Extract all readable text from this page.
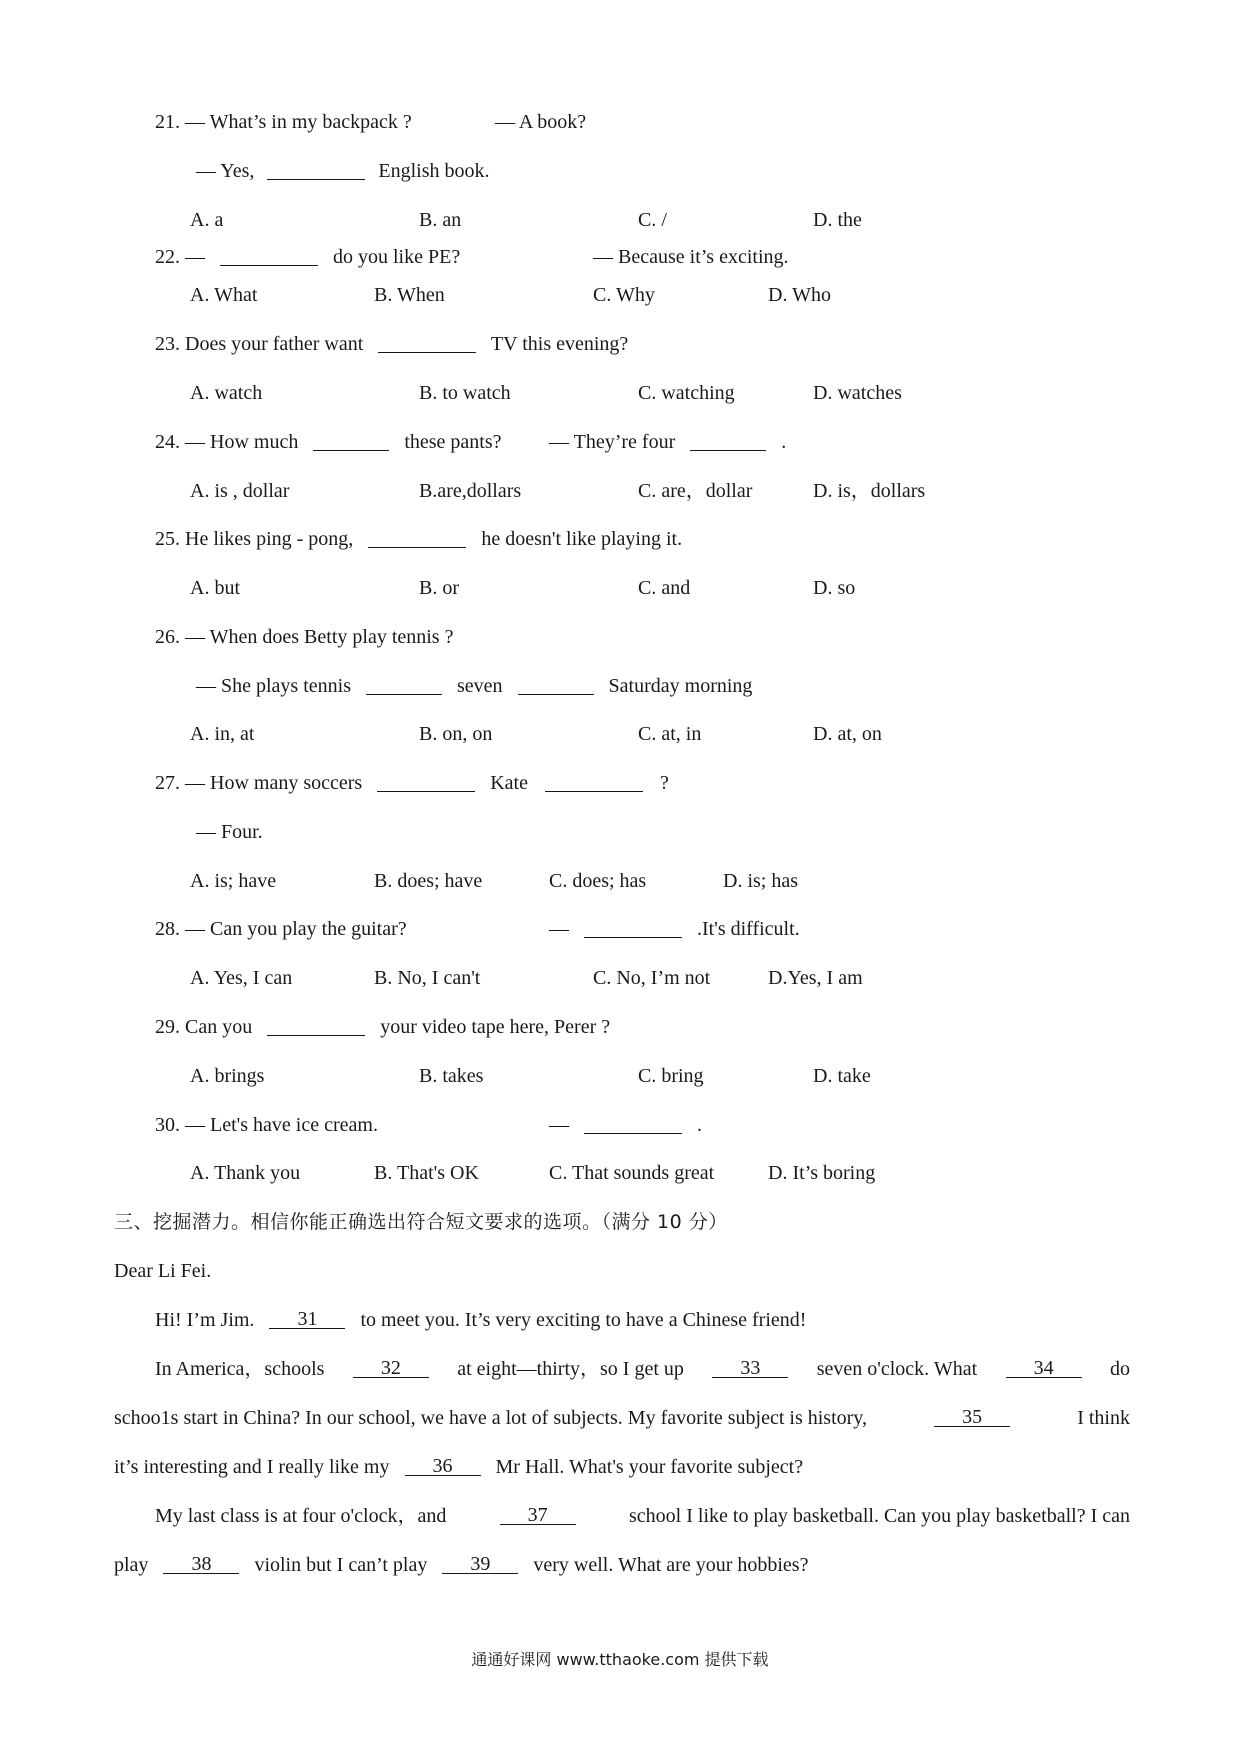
21. — What’s in my backpack ?	— A book?
— Yes,	English book.
A. a	B. an	C. /	D. the
22. —	do you like PE?	— Because it’s exciting.
A. What	B. When	C. Why	D. Who
23. Does your father want	TV this evening?
A. watch	B. to watch	C. watching	D. watches
24. — How much	these pants? — They’re four	.
A. is , dollar	B.are,dollars	C. are，dollar	D. is，dollars
25. He likes ping - pong,	he doesn't like playing it.
A. but	B. or	C. and	D. so
26. — When does Betty play tennis ?
— She plays tennis	seven	Saturday morning
A. in, at	B. on, on	C. at, in	D. at, on
27. — How many soccers	Kate	?
— Four.
A. is; have	B. does; have	C. does; has	D. is; has
28. — Can you play the guitar?	—	.It's difficult.
A. Yes, I can	B. No, I can't	C. No, I’m not	D.Yes, I am
29. Can you	your video tape here, Perer ?
A. brings	B. takes	C. bring	D. take
30. — Let's have ice cream.	—	.
A. Thank you	B. That's OK	C. That sounds great	D. It’s boring
三、挖掘潜力。相信你能正确选出符合短文要求的选项。（满分 10 分）
Dear Li Fei.
Hi! I’m Jim.	31	to meet you. It’s very exciting to have a Chinese friend!
In America，schools	32	at eight—thirty，so I get up	33	seven o'clock. What	34	do
schoo1s start in China? In our school, we have a lot of subjects. My favorite subject is history,	35	I think
it’s interesting and I really like my	36	Mr Hall. What's your favorite subject?
My last class is at four o'clock，and	37	school I like to play basketball. Can you play basketball? I can
play	38	violin but I can’t play	39	very well. What are your hobbies?
通通好课网 www.tthaoke.com 提供下载
